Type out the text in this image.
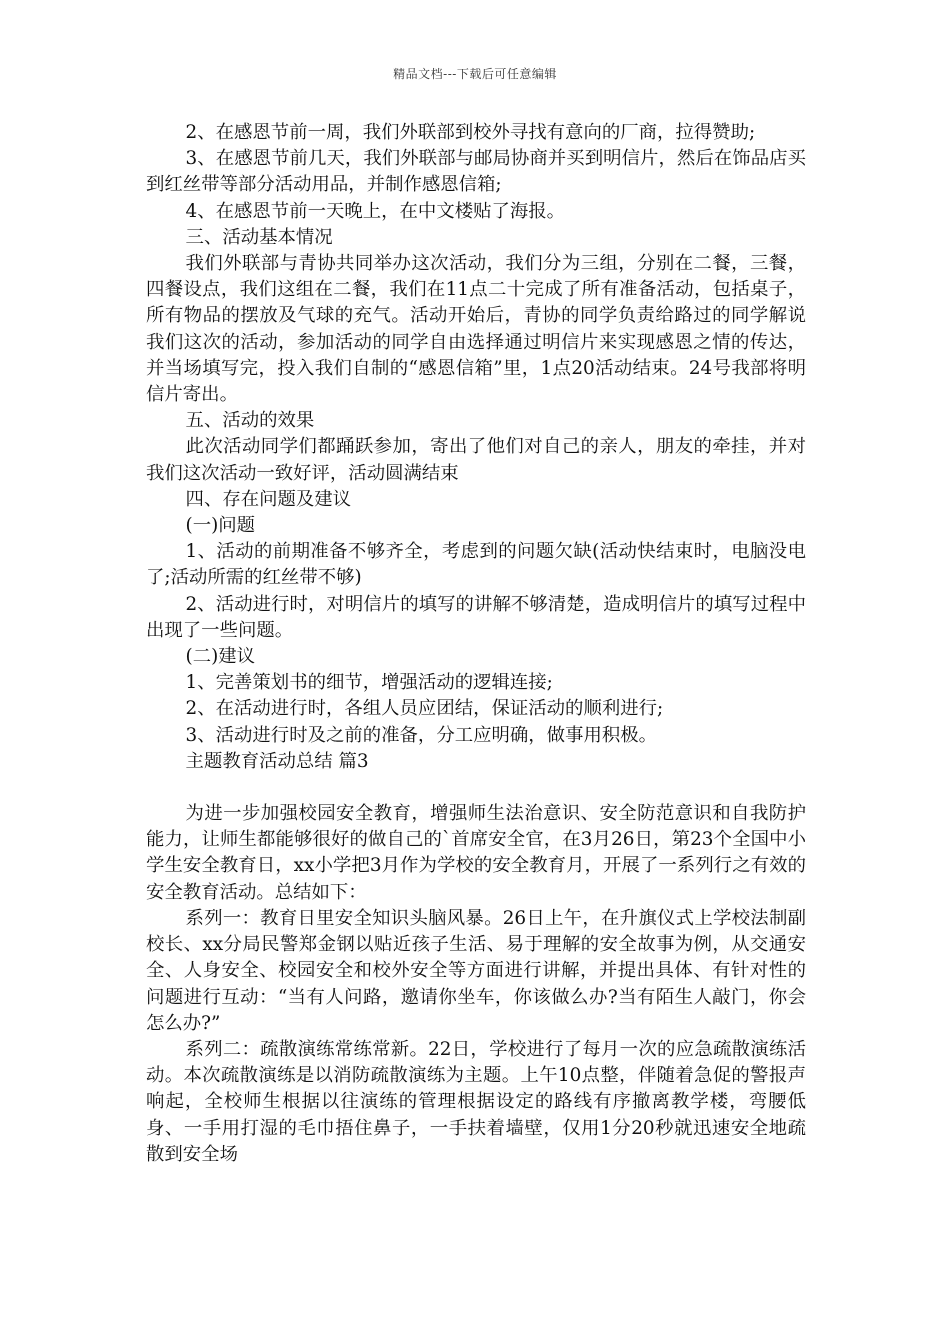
精品文档---下载后可任意编辑

2、在感恩节前一周，我们外联部到校外寻找有意向的厂商，拉得赞助;

3、在感恩节前几天，我们外联部与邮局协商并买到明信片，然后在饰品店买到红丝带等部分活动用品，并制作感恩信箱;

4、在感恩节前一天晚上，在中文楼贴了海报。

三、活动基本情况

我们外联部与青协共同举办这次活动，我们分为三组，分别在二餐，三餐，四餐设点，我们这组在二餐，我们在11点二十完成了所有准备活动，包括桌子，所有物品的摆放及气球的充气。活动开始后，青协的同学负责给路过的同学解说我们这次的活动，参加活动的同学自由选择通过明信片来实现感恩之情的传达，并当场填写完，投入我们自制的“感恩信箱”里，1点20活动结束。24号我部将明信片寄出。

五、活动的效果

此次活动同学们都踊跃参加，寄出了他们对自己的亲人，朋友的牵挂，并对我们这次活动一致好评，活动圆满结束

四、存在问题及建议

(一)问题

1、活动的前期准备不够齐全，考虑到的问题欠缺(活动快结束时，电脑没电了;活动所需的红丝带不够)

2、活动进行时，对明信片的填写的讲解不够清楚，造成明信片的填写过程中出现了一些问题。

(二)建议

1、完善策划书的细节，增强活动的逻辑连接;

2、在活动进行时，各组人员应团结，保证活动的顺利进行;

3、活动进行时及之前的准备，分工应明确，做事用积极。

主题教育活动总结 篇3

为进一步加强校园安全教育，增强师生法治意识、安全防范意识和自我防护能力，让师生都能够很好的做自己的`首席安全官，在3月26日，第23个全国中小学生安全教育日，xx小学把3月作为学校的安全教育月，开展了一系列行之有效的安全教育活动。总结如下：

系列一：教育日里安全知识头脑风暴。26日上午，在升旗仪式上学校法制副校长、xx分局民警郑金钢以贴近孩子生活、易于理解的安全故事为例，从交通安全、人身安全、校园安全和校外安全等方面进行讲解，并提出具体、有针对性的问题进行互动：“当有人问路，邀请你坐车，你该做么办?当有陌生人敲门，你会怎么办?”

系列二：疏散演练常练常新。22日，学校进行了每月一次的应急疏散演练活动。本次疏散演练是以消防疏散演练为主题。上午10点整，伴随着急促的警报声响起，全校师生根据以往演练的管理根据设定的路线有序撤离教学楼，弯腰低身、一手用打湿的毛巾捂住鼻子，一手扶着墙壁，仅用1分20秒就迅速安全地疏散到安全场
